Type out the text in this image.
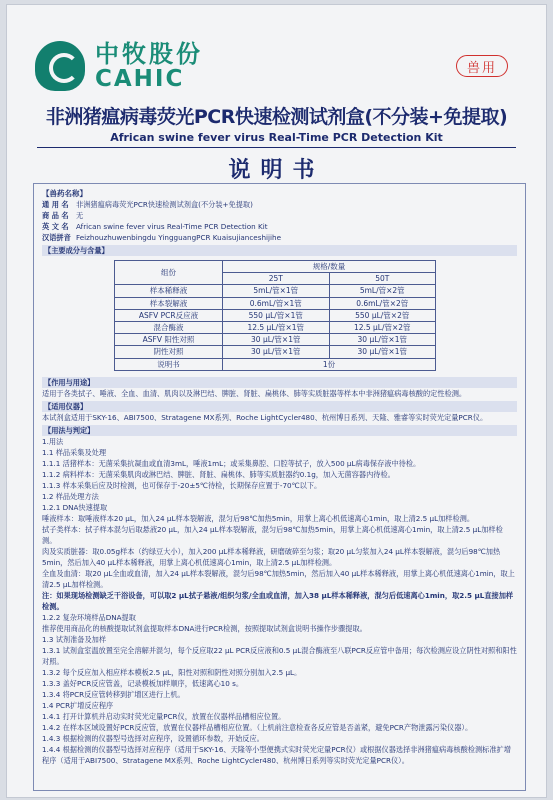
中牧股份
CAHIC	兽用
非洲猪瘟病毒荧光PCR快速检测试剂盒(不分装+免提取)
African swine fever virus Real-Time PCR Detection Kit
说明书
【兽药名称】
通 用 名	非洲猪瘟病毒荧光PCR快速检测试剂盒(不分装+免提取)
商 品 名	无
英 文 名	African swine fever virus Real-Time PCR Detection Kit
汉语拼音 Feizhouzhuwenbingdu YingguangPCR Kuaisujianceshijihe
【主要成分与含量】
组份	规格/数量	
	25T	50T
样本稀释液	5mL/管×1管	5mL/管×2管
样本裂解液	0.6mL/管×1管	0.6mL/管×2管
ASFV PCR反应液	550 μL/管×1管	550 μL/管×2管
混合酶液	12.5 μL/管×1管	12.5 μL/管×2管
ASFV 阳性对照	30 μL/管×1管	30 μL/管×1管
阴性对照	30 μL/管×1管	30 μL/管×1管
说明书	1份	
【作用与用途】
适用于各类拭子、唾液、全血、血清、肌肉以及淋巴结、脾脏、肾脏、扁桃体、肺等实质脏器等样本中非洲猪瘟病毒核酸的定性检测。
【适用仪器】
本试剂盒适用于SKY-16、ABI7500、Stratagene MX系列、Roche LightCycler480、杭州博日系列、天隆、雅睿等实时荧光定量PCR仪。
【用法与判定】
1.用法
1.1 样品采集及处理
1.1.1 活猪样本：无菌采集抗凝血或血清3mL，唾液1mL；或采集鼻腔、口腔等拭子，放入500 μL病毒保存液中待检。
1.1.2 病料样本：无菌采集肌肉或淋巴结、脾脏、肾脏、扁桃体、肺等实质脏器约0.1g，加入无菌容器内待检。
1.1.3 样本采集后应及时检测，也可保存于-20±5℃待检，长期保存应置于-70℃以下。
1.2 样品处理方法
1.2.1 DNA快速提取
唾液样本：取唾液样本20 μL，加入24 μL样本裂解液，混匀后98℃加热5min，用掌上离心机低速离心1min，取上清2.5 μL加样检测。
拭子类样本：拭子样本混匀后取悬液20 μL，加入24 μL样本裂解液，混匀后98℃加热5min，用掌上离心机低速离心1min，取上清2.5 μL加样检测。
肉及实质脏器：取0.05g样本（约绿豆大小），加入200 μL样本稀释液，研磨破碎至匀浆；取20 μL匀浆加入24 μL样本裂解液，混匀后98℃加热5min，然后加入40 μL样本稀释液，用掌上离心机低速离心1min，取上清2.5 μL加样检测。
全血及血清：取20 μL全血或血清，加入24 μL样本裂解液，混匀后98℃加热5min，然后加入40 μL样本稀释液，用掌上离心机低速离心1min，取上清2.5 μL加样检测。
注：如果现场检测缺乏干浴设备，可以取2 μL拭子悬液/组织匀浆/全血或血清，加入38 μL样本稀释液，混匀后低速离心1min，取2.5 μL直接加样检测。
1.2.2 复杂环境样品DNA提取
推荐使用商品化的核酸提取试剂盒提取样本DNA进行PCR检测，按照提取试剂盒说明书操作步骤提取。
1.3 试剂准备及加样
1.3.1 试剂盒室温放置至完全溶解并混匀，每个反应取22 μL PCR反应液和0.5 μL混合酶液至八联PCR反应管中备用；每次检测应设立阴性对照和阳性对照。
1.3.2 每个反应加入相应样本模板2.5 μL，阳性对照和阴性对照分别加入2.5 μL。
1.3.3 盖好PCR反应管盖，记录模板加样顺序，低速离心10 s。
1.3.4 将PCR反应管转移到扩增区进行上机。
1.4 PCR扩增反应程序
1.4.1 打开计算机并启动实时荧光定量PCR仪，放置在仪器样品槽相应位置。
1.4.2 在样本区域设置好PCR反应管，放置在仪器样品槽相应位置。（上机前注意检查各反应管是否盖紧，避免PCR产物泄露污染仪器）。
1.4.3 根据检测的仪器型号选择对应程序，设置循环参数，开始反应。
1.4.4 根据检测的仪器型号选择对应程序（适用于SKY-16、天隆等小型便携式实时荧光定量PCR仪）或根据仪器选择非洲猪瘟病毒核酸检测标准扩增程序（适用于ABI7500、Stratagene MX系列、Roche LightCycler480、杭州博日系列等实时荧光定量PCR仪）。
